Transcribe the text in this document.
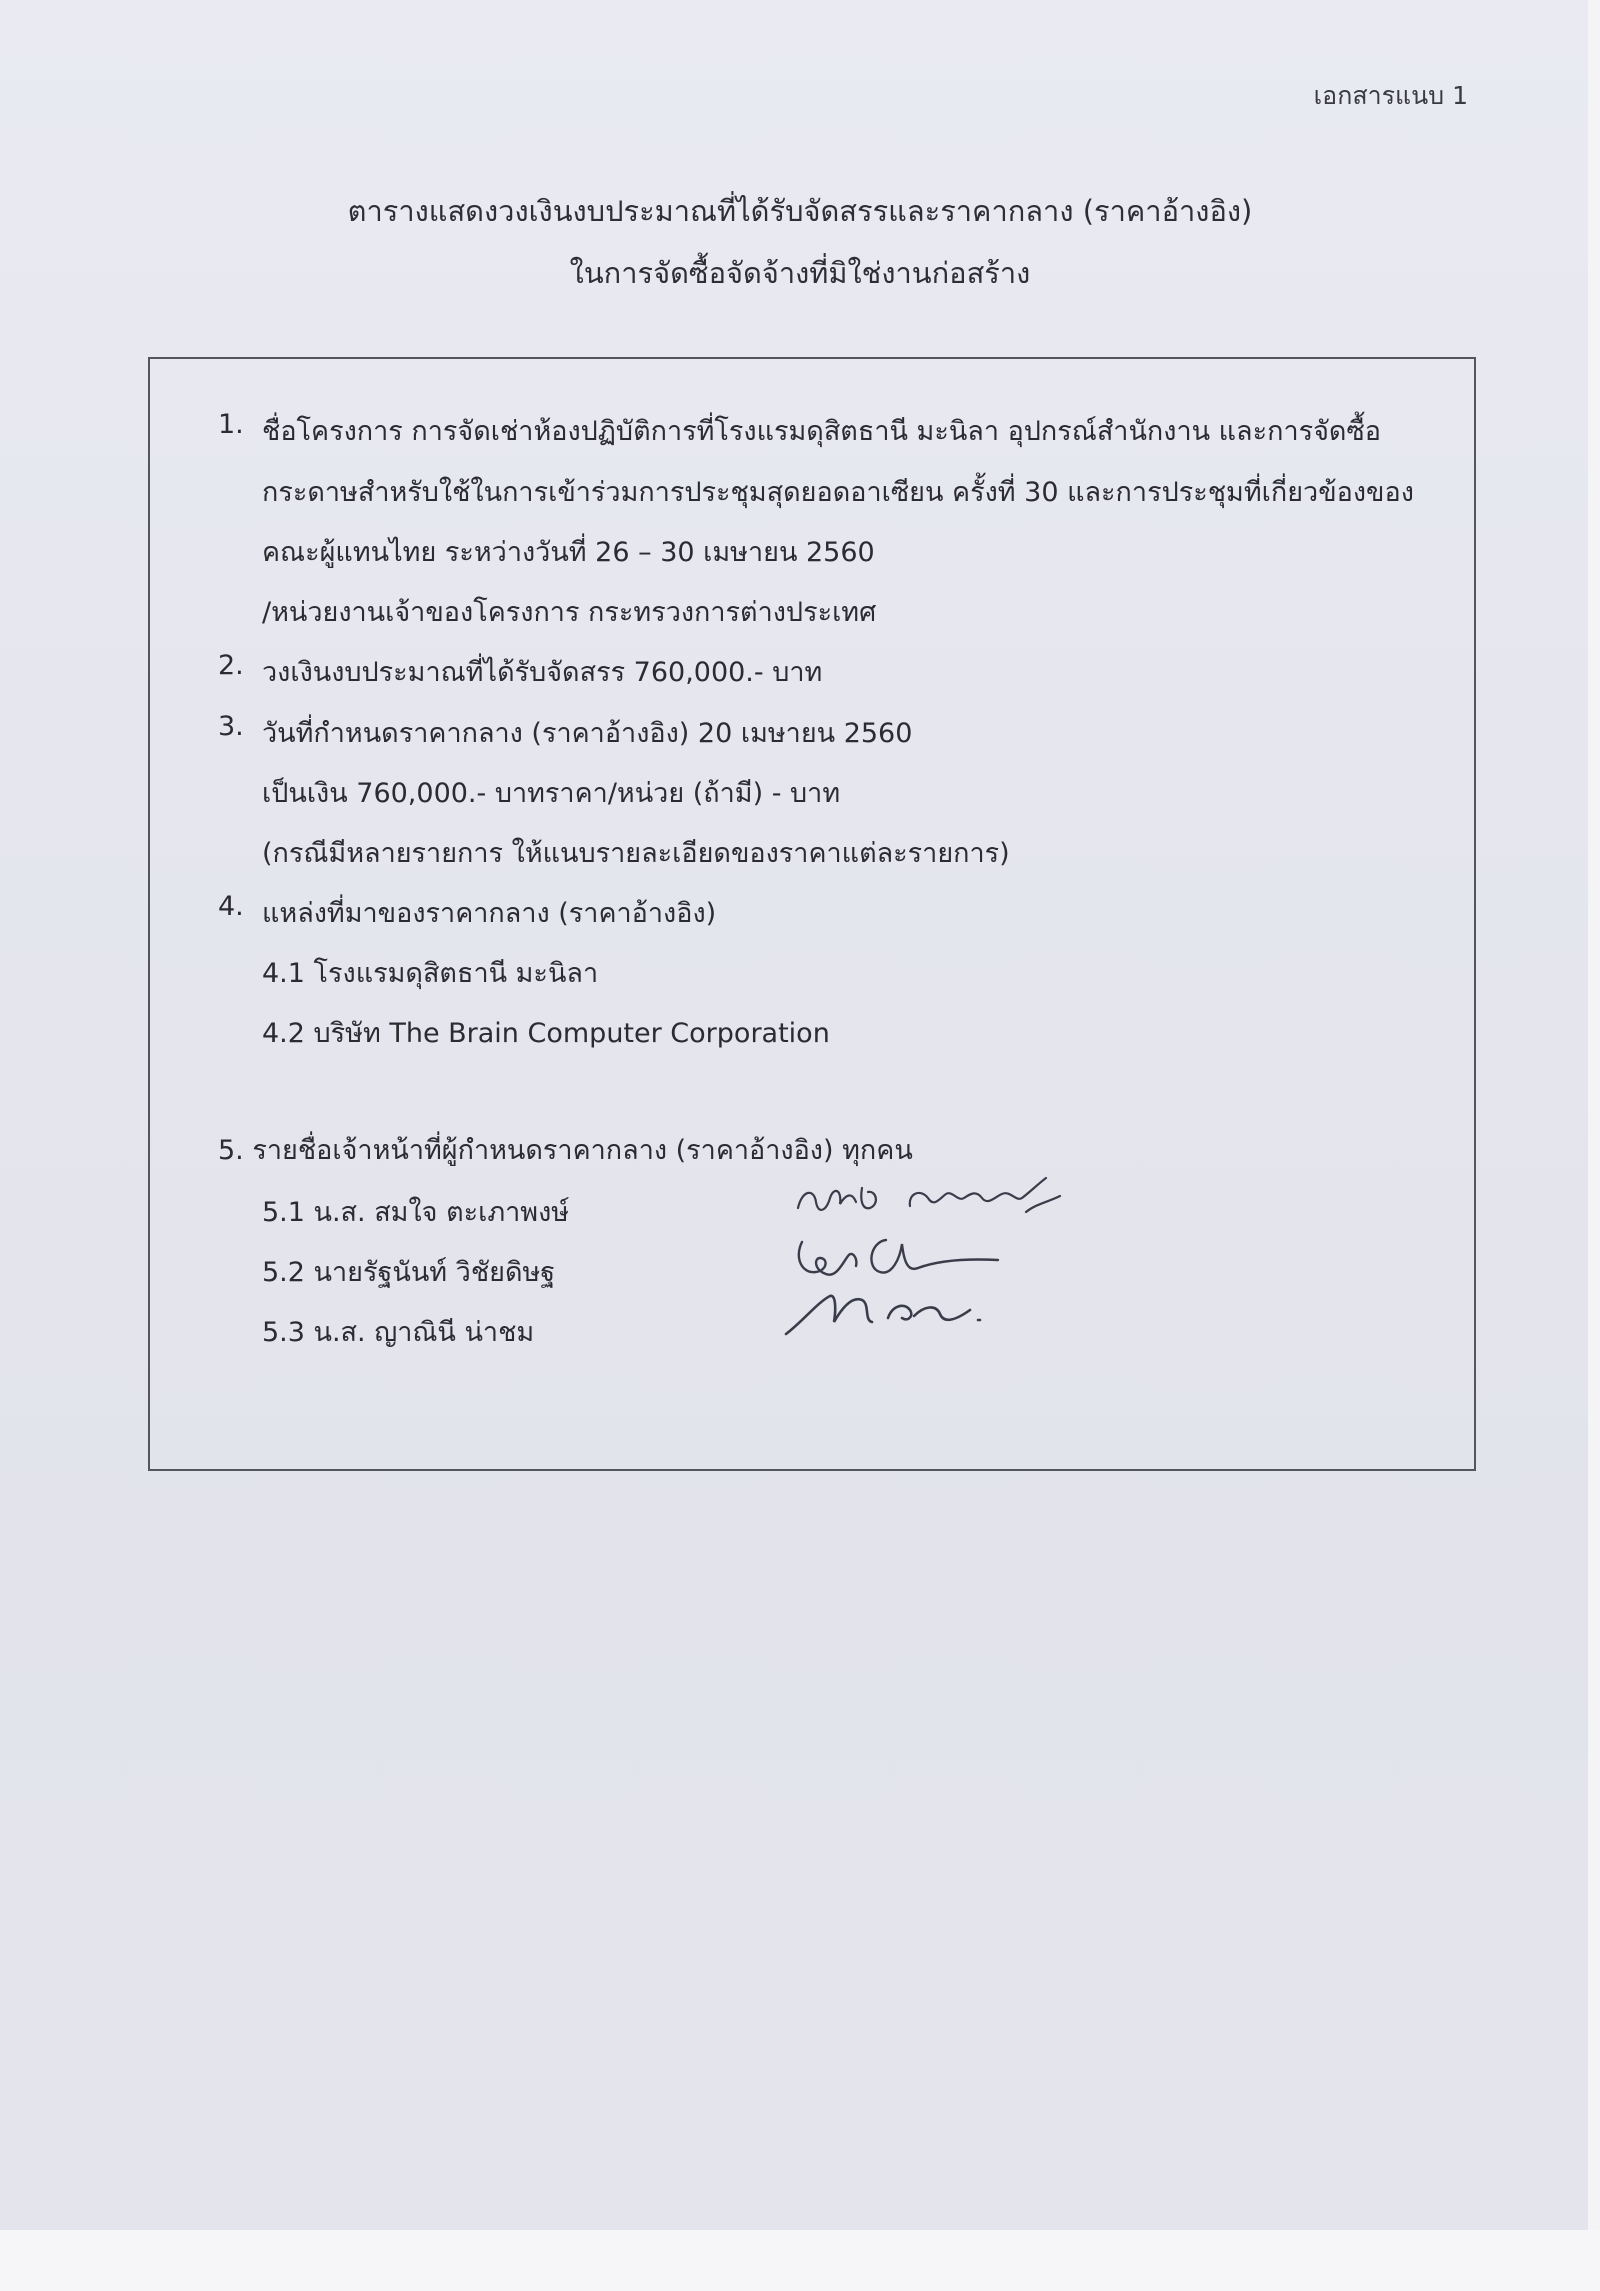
เอกสารแนบ 1
ตารางแสดงวงเงินงบประมาณที่ได้รับจัดสรรและราคากลาง (ราคาอ้างอิง)
ในการจัดซื้อจัดจ้างที่มิใช่งานก่อสร้าง
1. ชื่อโครงการ การจัดเช่าห้องปฏิบัติการที่โรงแรมดุสิตธานี มะนิลา อุปกรณ์สำนักงาน และการจัดซื้อ
กระดาษสำหรับใช้ในการเข้าร่วมการประชุมสุดยอดอาเซียน ครั้งที่ 30 และการประชุมที่เกี่ยวข้องของ
คณะผู้แทนไทย ระหว่างวันที่ 26 – 30 เมษายน 2560
/หน่วยงานเจ้าของโครงการ กระทรวงการต่างประเทศ
2. วงเงินงบประมาณที่ได้รับจัดสรร 760,000.- บาท
3. วันที่กำหนดราคากลาง (ราคาอ้างอิง) 20 เมษายน 2560
เป็นเงิน 760,000.- บาทราคา/หน่วย (ถ้ามี) - บาท
(กรณีมีหลายรายการ ให้แนบรายละเอียดของราคาแต่ละรายการ)
4. แหล่งที่มาของราคากลาง (ราคาอ้างอิง)
4.1 โรงแรมดุสิตธานี มะนิลา
4.2 บริษัท The Brain Computer Corporation
5. รายชื่อเจ้าหน้าที่ผู้กำหนดราคากลาง (ราคาอ้างอิง) ทุกคน
5.1 น.ส. สมใจ ตะเภาพงษ์
5.2 นายรัฐนันท์ วิชัยดิษฐ
5.3 น.ส. ญาณินี น่าชม
